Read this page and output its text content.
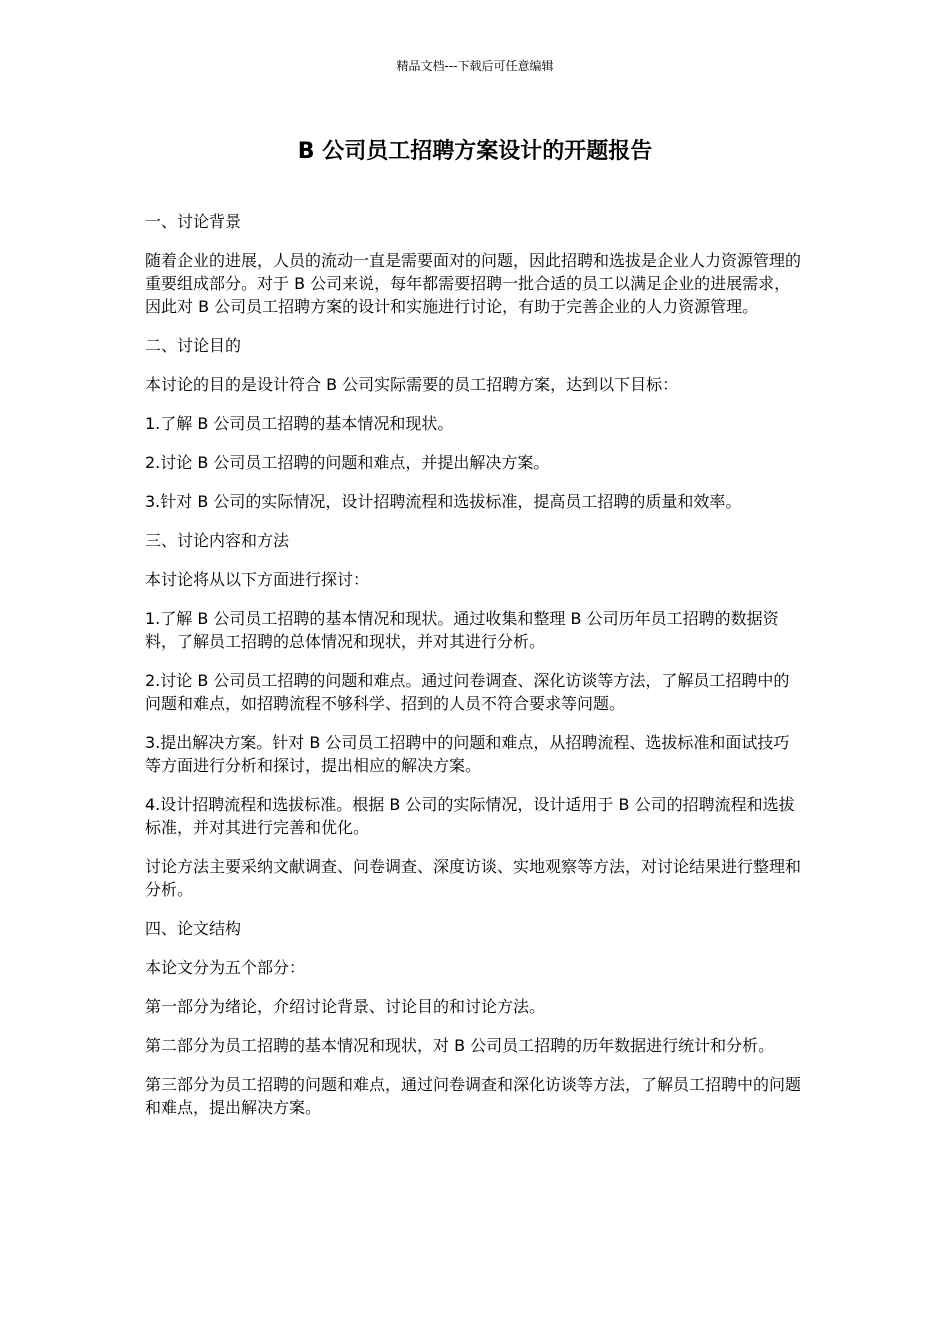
精品文档---下载后可任意编辑
B 公司员工招聘方案设计的开题报告

一、讨论背景

随着企业的进展，人员的流动一直是需要面对的问题，因此招聘和选拔是企业人力资源管理的重要组成部分。对于 B 公司来说，每年都需要招聘一批合适的员工以满足企业的进展需求，因此对 B 公司员工招聘方案的设计和实施进行讨论，有助于完善企业的人力资源管理。

二、讨论目的

本讨论的目的是设计符合 B 公司实际需要的员工招聘方案，达到以下目标：

1.了解 B 公司员工招聘的基本情况和现状。

2.讨论 B 公司员工招聘的问题和难点，并提出解决方案。

3.针对 B 公司的实际情况，设计招聘流程和选拔标准，提高员工招聘的质量和效率。

三、讨论内容和方法

本讨论将从以下方面进行探讨：

1.了解 B 公司员工招聘的基本情况和现状。通过收集和整理 B 公司历年员工招聘的数据资料，了解员工招聘的总体情况和现状，并对其进行分析。

2.讨论 B 公司员工招聘的问题和难点。通过问卷调查、深化访谈等方法，了解员工招聘中的问题和难点，如招聘流程不够科学、招到的人员不符合要求等问题。

3.提出解决方案。针对 B 公司员工招聘中的问题和难点，从招聘流程、选拔标准和面试技巧等方面进行分析和探讨，提出相应的解决方案。

4.设计招聘流程和选拔标准。根据 B 公司的实际情况，设计适用于 B 公司的招聘流程和选拔标准，并对其进行完善和优化。

讨论方法主要采纳文献调查、问卷调查、深度访谈、实地观察等方法，对讨论结果进行整理和分析。

四、论文结构

本论文分为五个部分：

第一部分为绪论，介绍讨论背景、讨论目的和讨论方法。

第二部分为员工招聘的基本情况和现状，对 B 公司员工招聘的历年数据进行统计和分析。

第三部分为员工招聘的问题和难点，通过问卷调查和深化访谈等方法，了解员工招聘中的问题和难点，提出解决方案。
